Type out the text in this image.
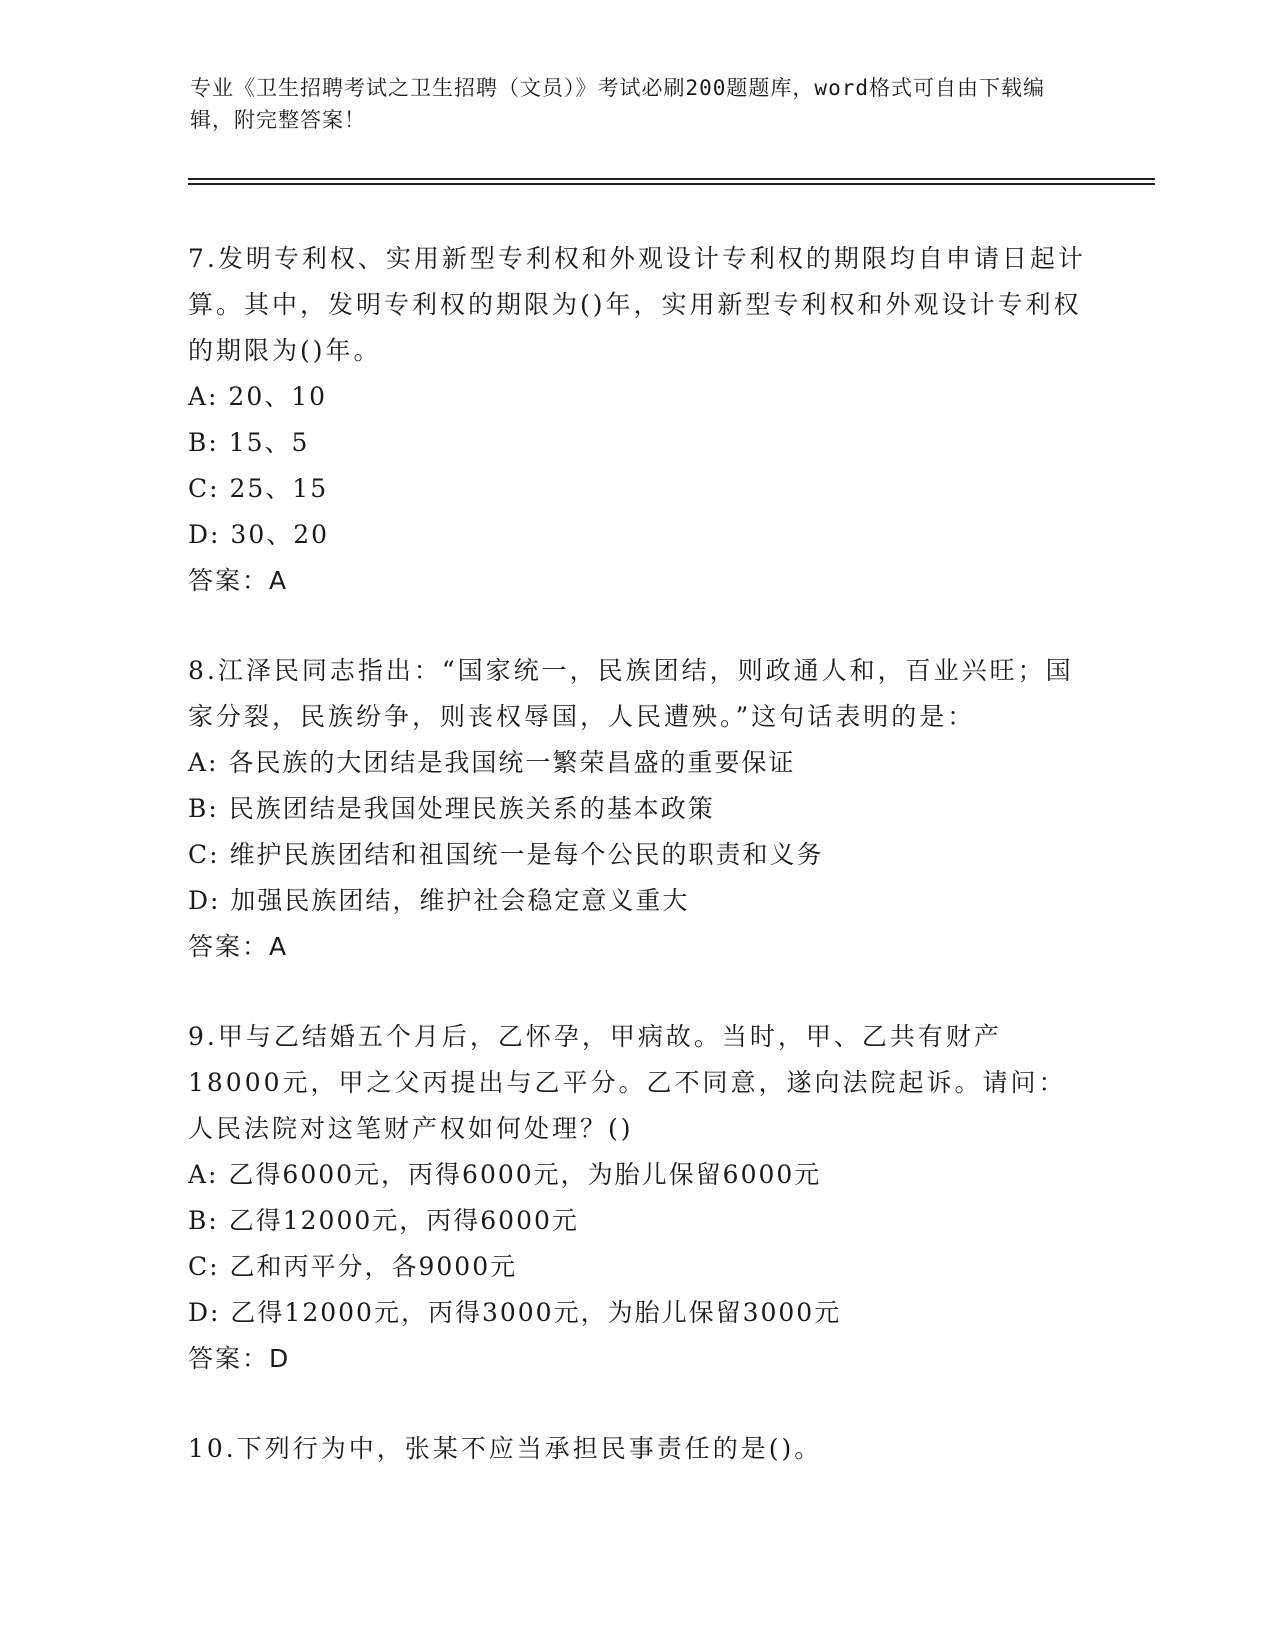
专业《卫生招聘考试之卫生招聘（文员）》考试必刷200题题库，word格式可自由下载编辑，附完整答案！

7.发明专利权、实用新型专利权和外观设计专利权的期限均自申请日起计算。其中，发明专利权的期限为()年，实用新型专利权和外观设计专利权的期限为()年。

A: 20、10

B: 15、5

C: 25、15

D: 30、20

答案：A

8.江泽民同志指出：“国家统一，民族团结，则政通人和，百业兴旺；国家分裂，民族纷争，则丧权辱国，人民遭殃。”这句话表明的是：

A: 各民族的大团结是我国统一繁荣昌盛的重要保证

B: 民族团结是我国处理民族关系的基本政策

C: 维护民族团结和祖国统一是每个公民的职责和义务

D: 加强民族团结，维护社会稳定意义重大

答案：A

9.甲与乙结婚五个月后，乙怀孕，甲病故。当时，甲、乙共有财产18000元，甲之父丙提出与乙平分。乙不同意，遂向法院起诉。请问：人民法院对这笔财产权如何处理？()

A: 乙得6000元，丙得6000元，为胎儿保留6000元

B: 乙得12000元，丙得6000元

C: 乙和丙平分，各9000元

D: 乙得12000元，丙得3000元，为胎儿保留3000元

答案：D

10.下列行为中，张某不应当承担民事责任的是()。
